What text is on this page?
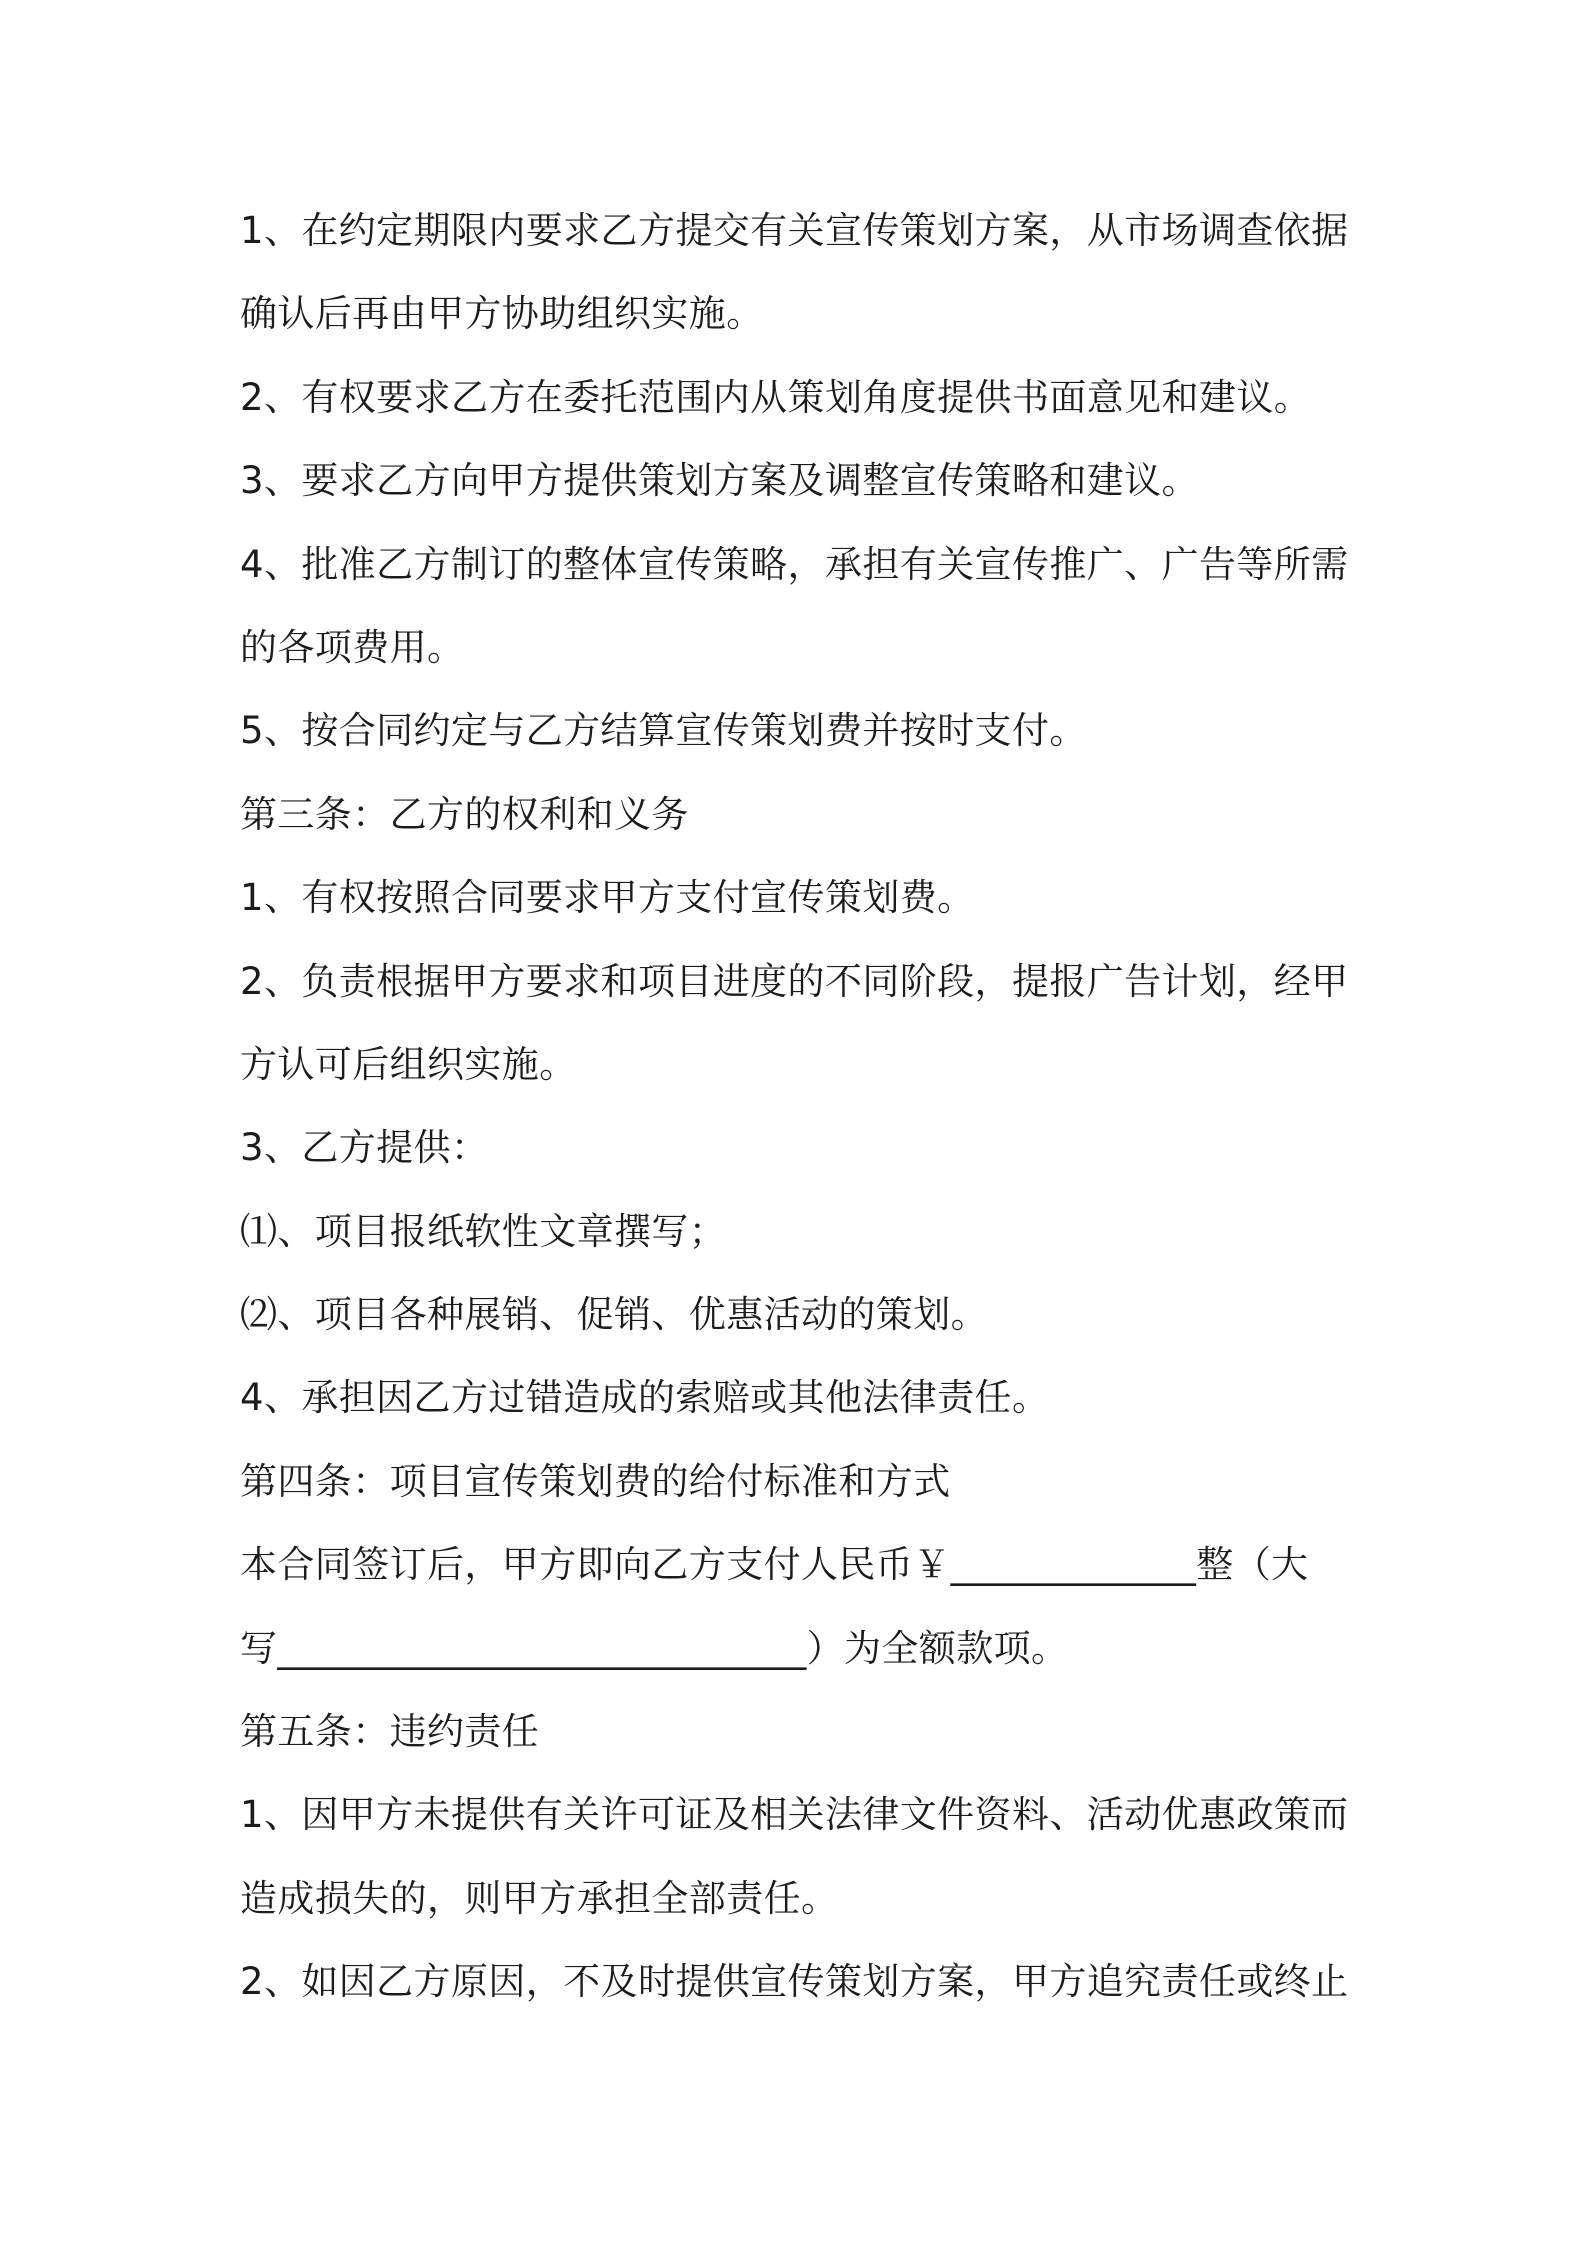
1、在约定期限内要求乙方提交有关宣传策划方案，从市场调查依据
确认后再由甲方协助组织实施。
2、有权要求乙方在委托范围内从策划角度提供书面意见和建议。
3、要求乙方向甲方提供策划方案及调整宣传策略和建议。
4、批准乙方制订的整体宣传策略，承担有关宣传推广、广告等所需
的各项费用。
5、按合同约定与乙方结算宣传策划费并按时支付。
第三条：乙方的权利和义务
1、有权按照合同要求甲方支付宣传策划费。
2、负责根据甲方要求和项目进度的不同阶段，提报广告计划，经甲
方认可后组织实施。
3、乙方提供：
⑴、项目报纸软性文章撰写；
⑵、项目各种展销、促销、优惠活动的策划。
4、承担因乙方过错造成的索赔或其他法律责任。
第四条：项目宣传策划费的给付标准和方式
本合同签订后，甲方即向乙方支付人民币￥_____________整（大
写____________________________）为全额款项。
第五条：违约责任
1、因甲方未提供有关许可证及相关法律文件资料、活动优惠政策而
造成损失的，则甲方承担全部责任。
2、如因乙方原因，不及时提供宣传策划方案，甲方追究责任或终止
